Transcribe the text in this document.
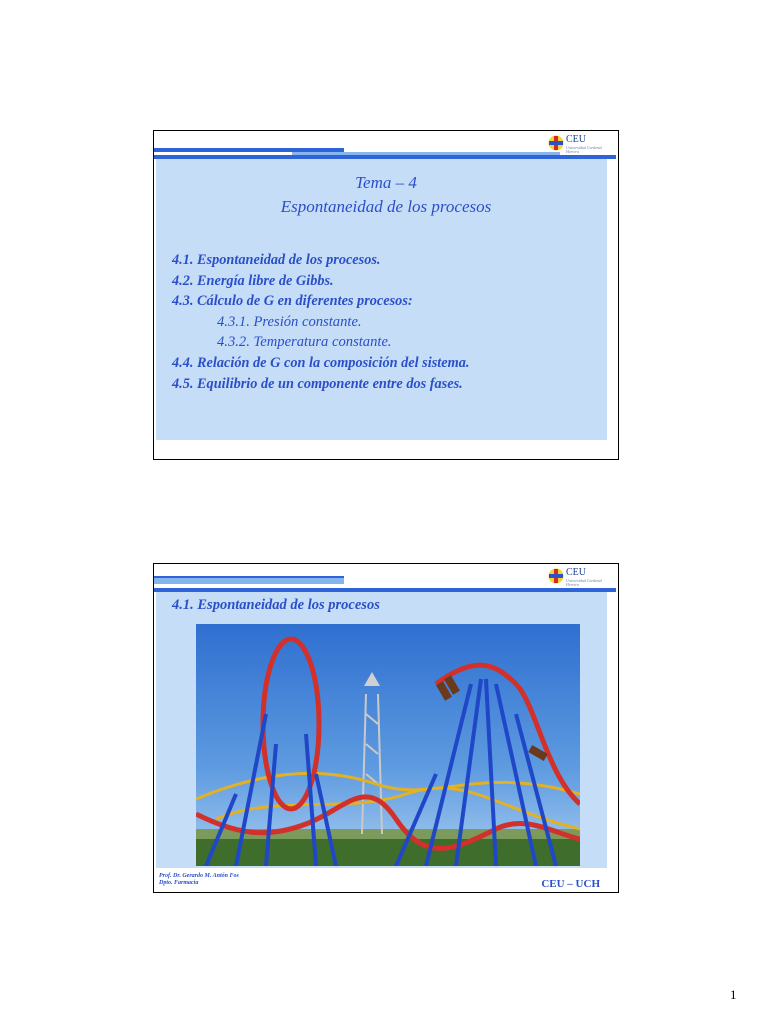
CEU
Universidad Cardenal Herrera
Tema – 4
Espontaneidad de los procesos
4.1. Espontaneidad de los procesos.
4.2. Energía libre de Gibbs.
4.3. Cálculo de G en diferentes procesos:
4.3.1. Presión constante.
4.3.2. Temperatura constante.
4.4. Relación de G con la composición del sistema.
4.5. Equilibrio de un componente entre dos fases.
CEU
Universidad Cardenal Herrera
4.1. Espontaneidad de los procesos
Prof. Dr. Gerardo M. Antón Fos
Dpto. Farmacia	CEU – UCH
1
